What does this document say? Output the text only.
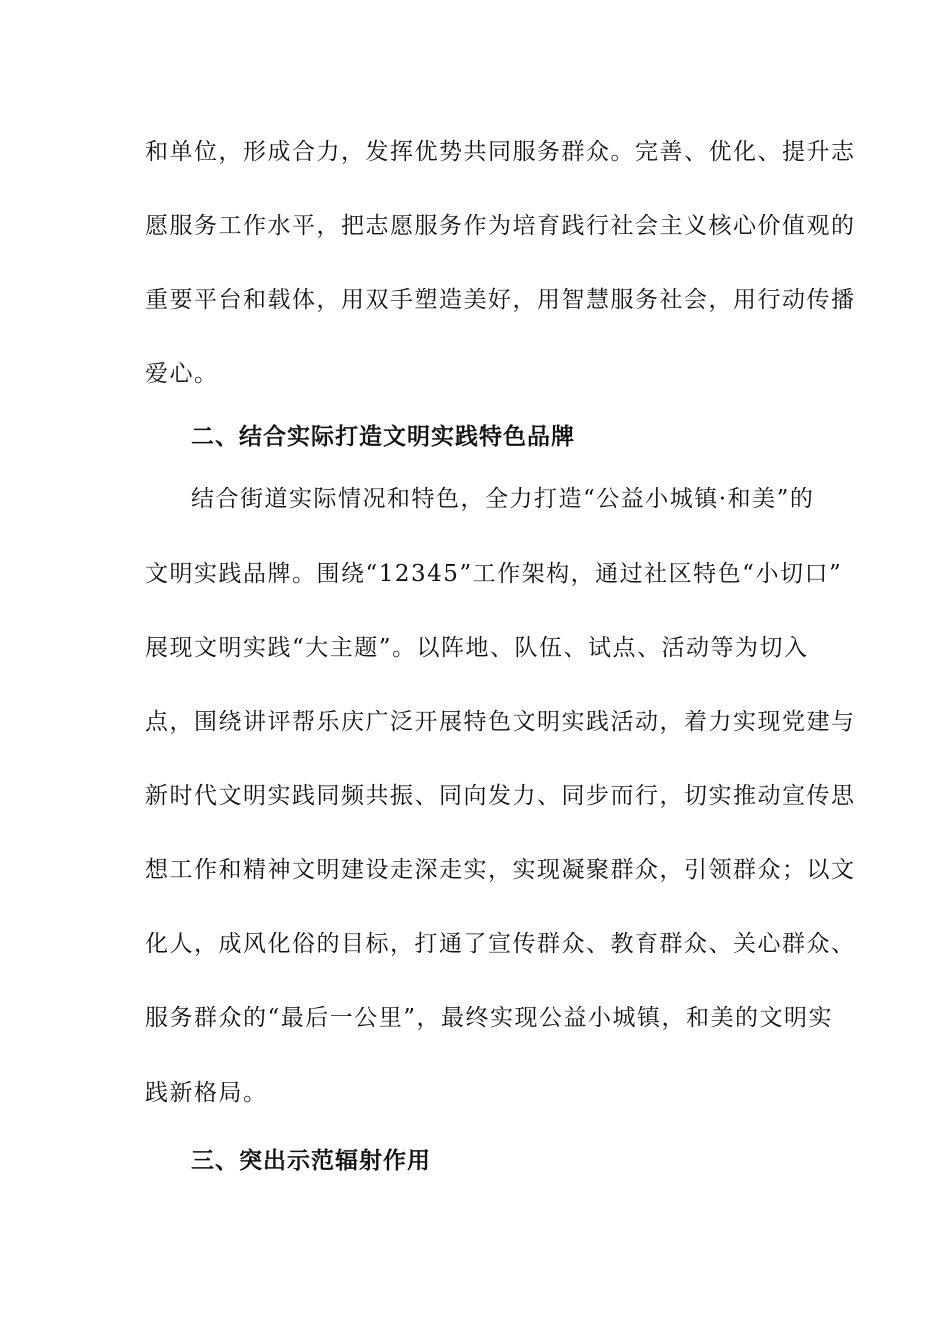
和单位，形成合力，发挥优势共同服务群众。完善、优化、提升志
愿服务工作水平，把志愿服务作为培育践行社会主义核心价值观的
重要平台和载体，用双手塑造美好，用智慧服务社会，用行动传播
爱心。
二、结合实际打造文明实践特色品牌
结合街道实际情况和特色，全力打造“公益小城镇·和美”的
文明实践品牌。围绕“12345”工作架构，通过社区特色“小切口”
展现文明实践“大主题”。以阵地、队伍、试点、活动等为切入
点，围绕讲评帮乐庆广泛开展特色文明实践活动，着力实现党建与
新时代文明实践同频共振、同向发力、同步而行，切实推动宣传思
想工作和精神文明建设走深走实，实现凝聚群众，引领群众；以文
化人，成风化俗的目标，打通了宣传群众、教育群众、关心群众、
服务群众的“最后一公里”，最终实现公益小城镇，和美的文明实
践新格局。
三、突出示范辐射作用
